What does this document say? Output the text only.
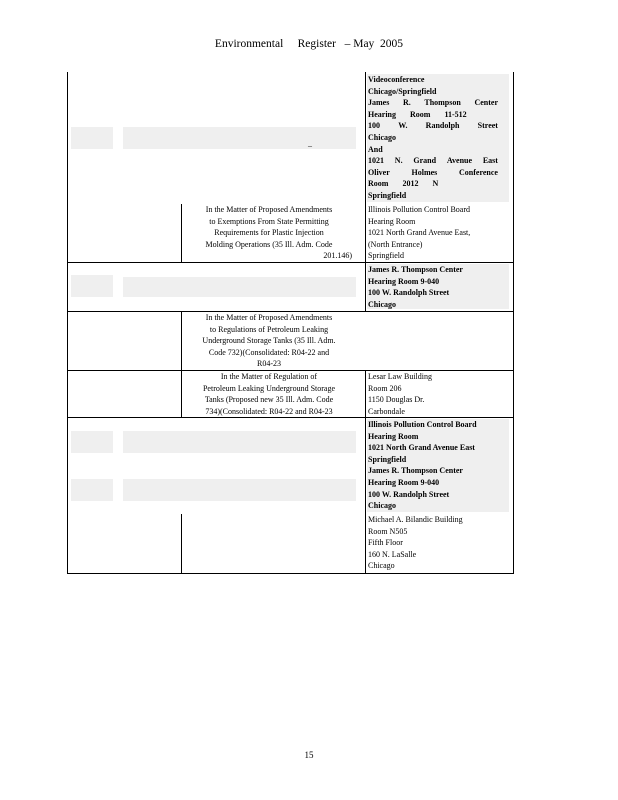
Environmental Register – May  2005
–
Videoconference
Chicago/Springfield
James R. Thompson Center
Hearing Room 11-512
100 W. Randolph Street
Chicago
And
1021 N. Grand Avenue East
Oliver	Holmes	Conference
Room 2012 N
Springfield
In the Matter of Proposed Amendments
to Exemptions From State Permitting
Requirements for Plastic Injection
Molding Operations (35 Ill. Adm. Code
201.146)
Illinois Pollution Control Board
Hearing Room
1021 North Grand Avenue East,
(North Entrance)
Springfield
James R. Thompson Center
Hearing Room 9-040
100 W. Randolph Street
Chicago
In the Matter of Proposed Amendments
to Regulations of Petroleum Leaking
Underground Storage Tanks (35 Ill. Adm.
Code 732)(Consolidated: R04-22 and
R04-23
In the Matter of Regulation of
Petroleum Leaking Underground Storage
Tanks (Proposed new 35 Ill. Adm. Code
734)(Consolidated: R04-22 and R04-23
Lesar Law Building
Room 206
1150 Douglas Dr.
Carbondale
Illinois Pollution Control Board
Hearing Room
1021 North Grand Avenue East
Springfield
James R. Thompson Center
Hearing Room 9-040
100 W. Randolph Street
Chicago
Michael A. Bilandic Building
Room N505
Fifth Floor
160 N. LaSalle
Chicago
15
